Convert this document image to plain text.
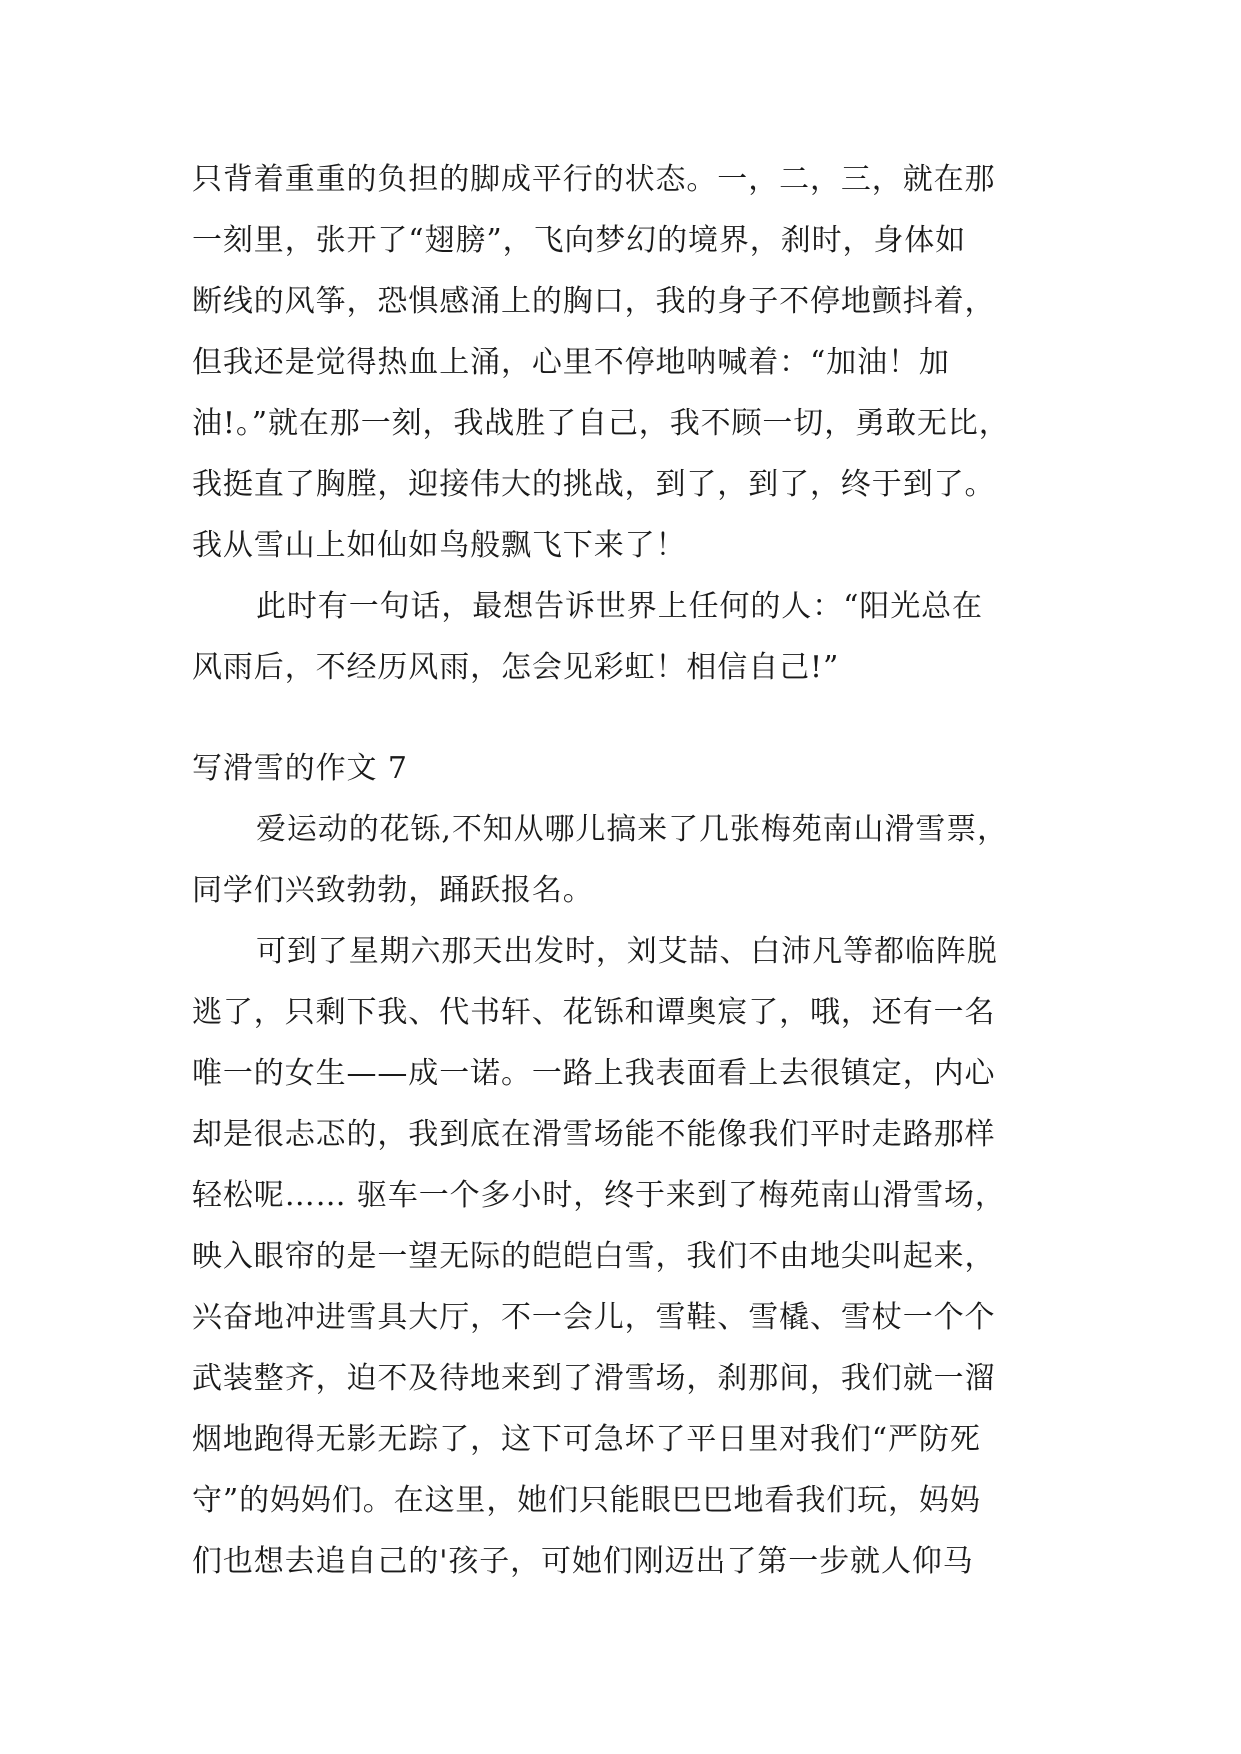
只背着重重的负担的脚成平行的状态。一，二，三，就在那
一刻里，张开了“翅膀”，飞向梦幻的境界，刹时，身体如
断线的风筝，恐惧感涌上的胸口，我的身子不停地颤抖着，
但我还是觉得热血上涌，心里不停地呐喊着：“加油！加
油!。”就在那一刻，我战胜了自己，我不顾一切，勇敢无比，
我挺直了胸膛，迎接伟大的挑战，到了，到了，终于到了。
我从雪山上如仙如鸟般飘飞下来了！
此时有一句话，最想告诉世界上任何的人：“阳光总在
风雨后，不经历风雨，怎会见彩虹！相信自己!”
写滑雪的作文 7
爱运动的花铄,不知从哪儿搞来了几张梅苑南山滑雪票，
同学们兴致勃勃，踊跃报名。
可到了星期六那天出发时，刘艾喆、白沛凡等都临阵脱
逃了，只剩下我、代书轩、花铄和谭奥宸了，哦，还有一名
唯一的女生——成一诺。一路上我表面看上去很镇定，内心
却是很忐忑的，我到底在滑雪场能不能像我们平时走路那样
轻松呢…… 驱车一个多小时，终于来到了梅苑南山滑雪场，
映入眼帘的是一望无际的皑皑白雪，我们不由地尖叫起来，
兴奋地冲进雪具大厅，不一会儿，雪鞋、雪橇、雪杖一个个
武装整齐，迫不及待地来到了滑雪场，刹那间，我们就一溜
烟地跑得无影无踪了，这下可急坏了平日里对我们“严防死
守”的妈妈们。在这里，她们只能眼巴巴地看我们玩，妈妈
们也想去追自己的'孩子，可她们刚迈出了第一步就人仰马
